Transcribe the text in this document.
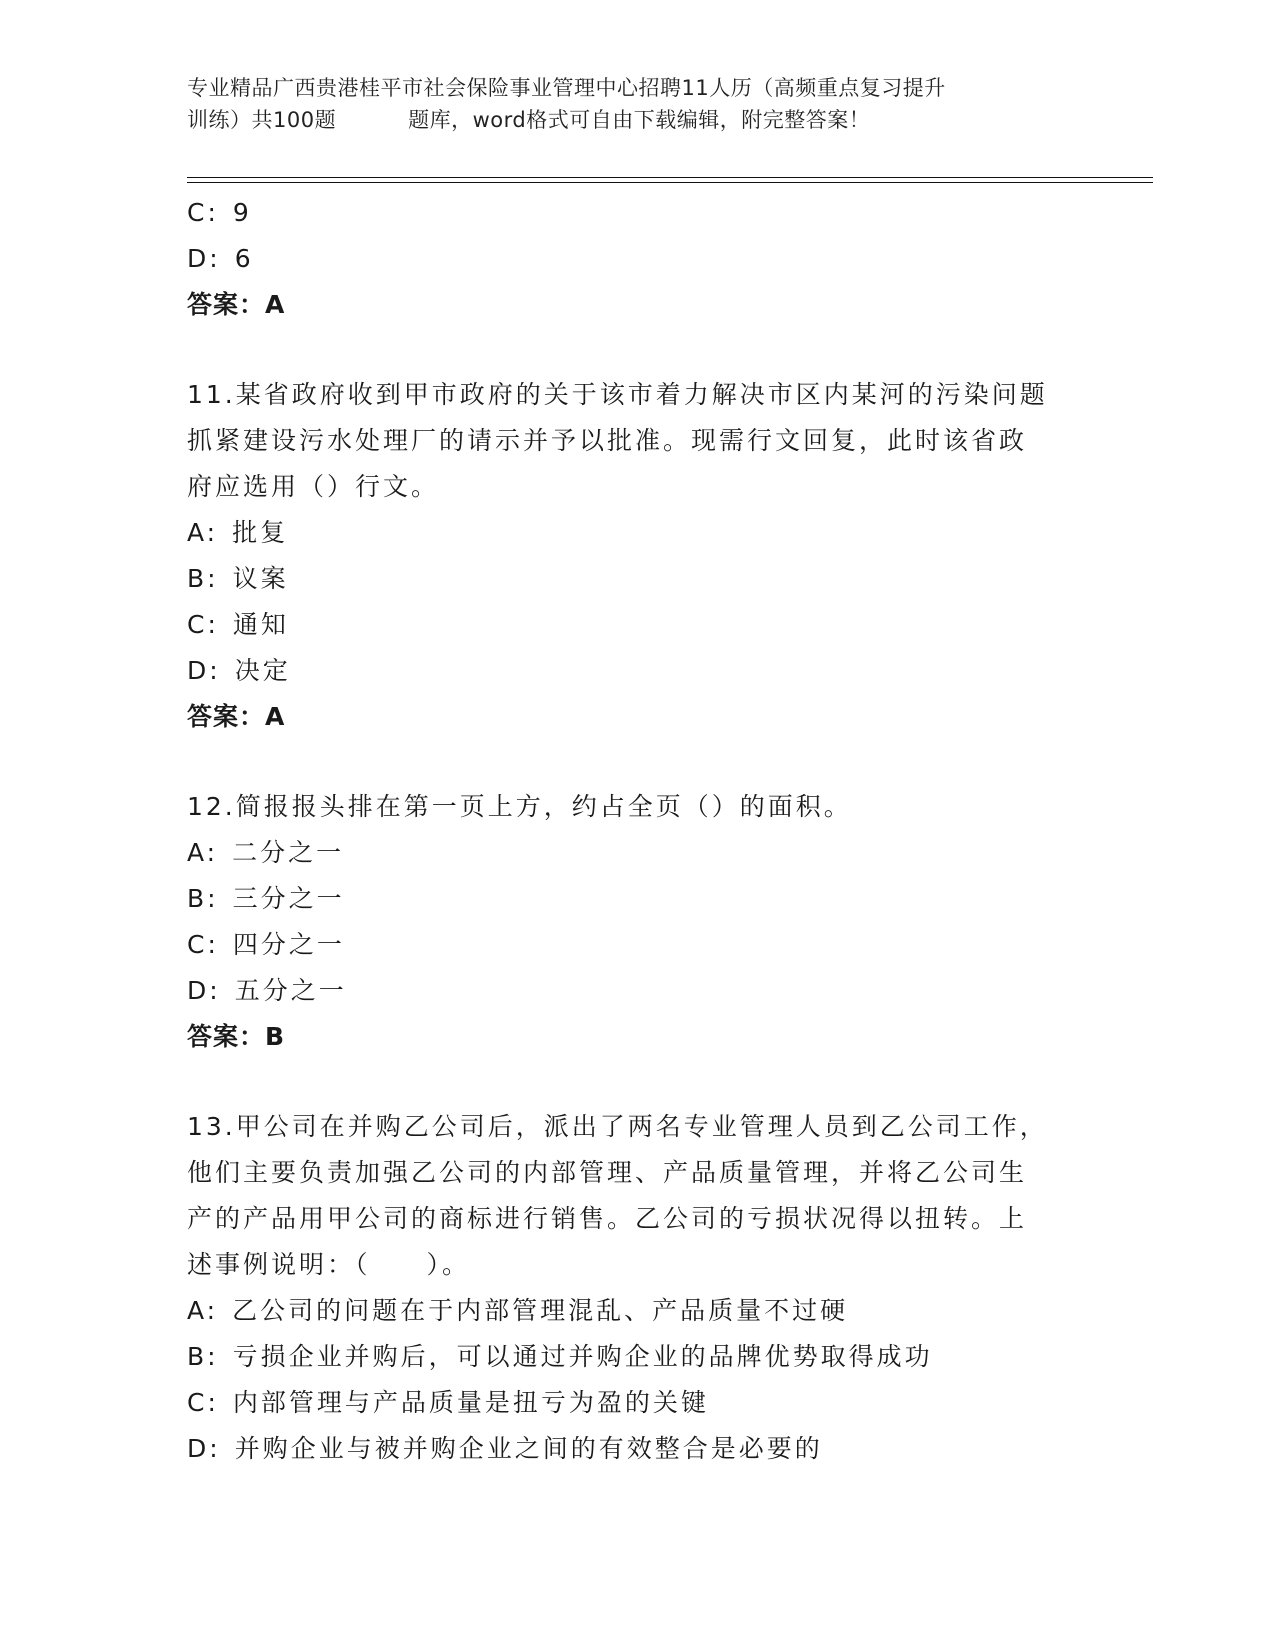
专业精品广西贵港桂平市社会保险事业管理中心招聘11人历（高频重点复习提升
训练）共100题	题库，word格式可自由下载编辑，附完整答案！
C: 9
D: 6
答案：A
11.某省政府收到甲市政府的关于该市着力解决市区内某河的污染问题
抓紧建设污水处理厂的请示并予以批准。现需行文回复，此时该省政
府应选用（）行文。
A: 批复
B: 议案
C: 通知
D: 决定
答案：A
12.简报报头排在第一页上方，约占全页（）的面积。
A: 二分之一
B: 三分之一
C: 四分之一
D: 五分之一
答案：B
13.甲公司在并购乙公司后，派出了两名专业管理人员到乙公司工作，
他们主要负责加强乙公司的内部管理、产品质量管理，并将乙公司生
产的产品用甲公司的商标进行销售。乙公司的亏损状况得以扭转。上
述事例说明：（　　）。
A: 乙公司的问题在于内部管理混乱、产品质量不过硬
B: 亏损企业并购后，可以通过并购企业的品牌优势取得成功
C: 内部管理与产品质量是扭亏为盈的关键
D: 并购企业与被并购企业之间的有效整合是必要的
